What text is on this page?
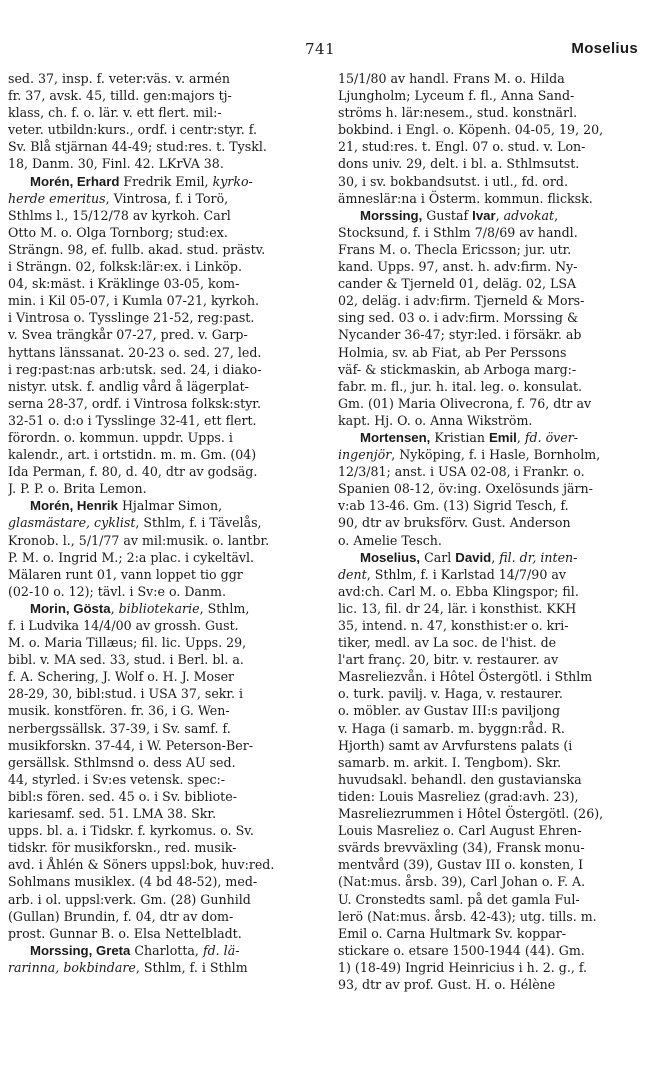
741	Moselius
sed. 37, insp. f. veter:väs. v. armén
fr. 37, avsk. 45, tilld. gen:majors tj-
klass, ch. f. o. lär. v. ett flert. mil:-
veter. utbildn:kurs., ordf. i centr:styr. f.
Sv. Blå stjärnan 44-49; stud:res. t. Tyskl.
18, Danm. 30, Finl. 42. LKrVA 38.
Morén, Erhard Fredrik Emil, kyrko-
herde emeritus, Vintrosa, f. i Torö,
Sthlms l., 15/12/78 av kyrkoh. Carl
Otto M. o. Olga Tornborg; stud:ex.
Strängn. 98, ef. fullb. akad. stud. prästv.
i Strängn. 02, folksk:lär:ex. i Linköp.
04, sk:mäst. i Kräklinge 03-05, kom-
min. i Kil 05-07, i Kumla 07-21, kyrkoh.
i Vintrosa o. Tysslinge 21-52, reg:past.
v. Svea trängkår 07-27, pred. v. Garp-
hyttans länssanat. 20-23 o. sed. 27, led.
i reg:past:nas arb:utsk. sed. 24, i diako-
nistyr. utsk. f. andlig vård å lägerplat-
serna 28-37, ordf. i Vintrosa folksk:styr.
32-51 o. d:o i Tysslinge 32-41, ett flert.
förordn. o. kommun. uppdr. Upps. i
kalendr., art. i ortstidn. m. m. Gm. (04)
Ida Perman, f. 80, d. 40, dtr av godsäg.
J. P. P. o. Brita Lemon.
Morén, Henrik Hjalmar Simon,
glasmästare, cyklist, Sthlm, f. i Tävelås,
Kronob. l., 5/1/77 av mil:musik. o. lantbr.
P. M. o. Ingrid M.; 2:a plac. i cykeltävl.
Mälaren runt 01, vann loppet tio ggr
(02-10 o. 12); tävl. i Sv:e o. Danm.
Morin, Gösta, bibliotekarie, Sthlm,
f. i Ludvika 14/4/00 av grossh. Gust.
M. o. Maria Tillæus; fil. lic. Upps. 29,
bibl. v. MA sed. 33, stud. i Berl. bl. a.
f. A. Schering, J. Wolf o. H. J. Moser
28-29, 30, bibl:stud. i USA 37, sekr. i
musik. konstfören. fr. 36, i G. Wen-
nerbergssällsk. 37-39, i Sv. samf. f.
musikforskn. 37-44, i W. Peterson-Ber-
gersällsk. Sthlmsnd o. dess AU sed.
44, styrled. i Sv:es vetensk. spec:-
bibl:s fören. sed. 45 o. i Sv. bibliote-
kariesamf. sed. 51. LMA 38. Skr.
upps. bl. a. i Tidskr. f. kyrkomus. o. Sv.
tidskr. för musikforskn., red. musik-
avd. i Åhlén & Söners uppsl:bok, huv:red.
Sohlmans musiklex. (4 bd 48-52), med-
arb. i ol. uppsl:verk. Gm. (28) Gunhild
(Gullan) Brundin, f. 04, dtr av dom-
prost. Gunnar B. o. Elsa Nettelbladt.
Morssing, Greta Charlotta, fd. lä-
rarinna, bokbindare, Sthlm, f. i Sthlm
15/1/80 av handl. Frans M. o. Hilda
Ljungholm; Lyceum f. fl., Anna Sand-
ströms h. lär:nesem., stud. konstnärl.
bokbind. i Engl. o. Köpenh. 04-05, 19, 20,
21, stud:res. t. Engl. 07 o. stud. v. Lon-
dons univ. 29, delt. i bl. a. Sthlmsutst.
30, i sv. bokbandsutst. i utl., fd. ord.
ämneslär:na i Österm. kommun. flicksk.
Morssing, Gustaf Ivar, advokat,
Stocksund, f. i Sthlm 7/8/69 av handl.
Frans M. o. Thecla Ericsson; jur. utr.
kand. Upps. 97, anst. h. adv:firm. Ny-
cander & Tjerneld 01, deläg. 02, LSA
02, deläg. i adv:firm. Tjerneld & Mors-
sing sed. 03 o. i adv:firm. Morssing &
Nycander 36-47; styr:led. i försäkr. ab
Holmia, sv. ab Fiat, ab Per Perssons
väf- & stickmaskin, ab Arboga marg:-
fabr. m. fl., jur. h. ital. leg. o. konsulat.
Gm. (01) Maria Olivecrona, f. 76, dtr av
kapt. Hj. O. o. Anna Wikström.
Mortensen, Kristian Emil, fd. över-
ingenjör, Nyköping, f. i Hasle, Bornholm,
12/3/81; anst. i USA 02-08, i Frankr. o.
Spanien 08-12, öv:ing. Oxelösunds järn-
v:ab 13-46. Gm. (13) Sigrid Tesch, f.
90, dtr av bruksförv. Gust. Anderson
o. Amelie Tesch.
Moselius, Carl David, fil. dr, inten-
dent, Sthlm, f. i Karlstad 14/7/90 av
avd:ch. Carl M. o. Ebba Klingspor; fil.
lic. 13, fil. dr 24, lär. i konsthist. KKH
35, intend. n. 47, konsthist:er o. kri-
tiker, medl. av La soc. de l'hist. de
l'art franç. 20, bitr. v. restaurer. av
Masreliezvån. i Hôtel Östergötl. i Sthlm
o. turk. pavilj. v. Haga, v. restaurer.
o. möbler. av Gustav III:s paviljong
v. Haga (i samarb. m. byggn:råd. R.
Hjorth) samt av Arvfurstens palats (i
samarb. m. arkit. I. Tengbom). Skr.
huvudsakl. behandl. den gustavianska
tiden: Louis Masreliez (grad:avh. 23),
Masreliezrummen i Hôtel Östergötl. (26),
Louis Masreliez o. Carl August Ehren-
svärds brevväxling (34), Fransk monu-
mentvård (39), Gustav III o. konsten, I
(Nat:mus. årsb. 39), Carl Johan o. F. A.
U. Cronstedts saml. på det gamla Ful-
lerö (Nat:mus. årsb. 42-43); utg. tills. m.
Emil o. Carna Hultmark Sv. koppar-
stickare o. etsare 1500-1944 (44). Gm.
1) (18-49) Ingrid Heinricius i h. 2. g., f.
93, dtr av prof. Gust. H. o. Hélène
